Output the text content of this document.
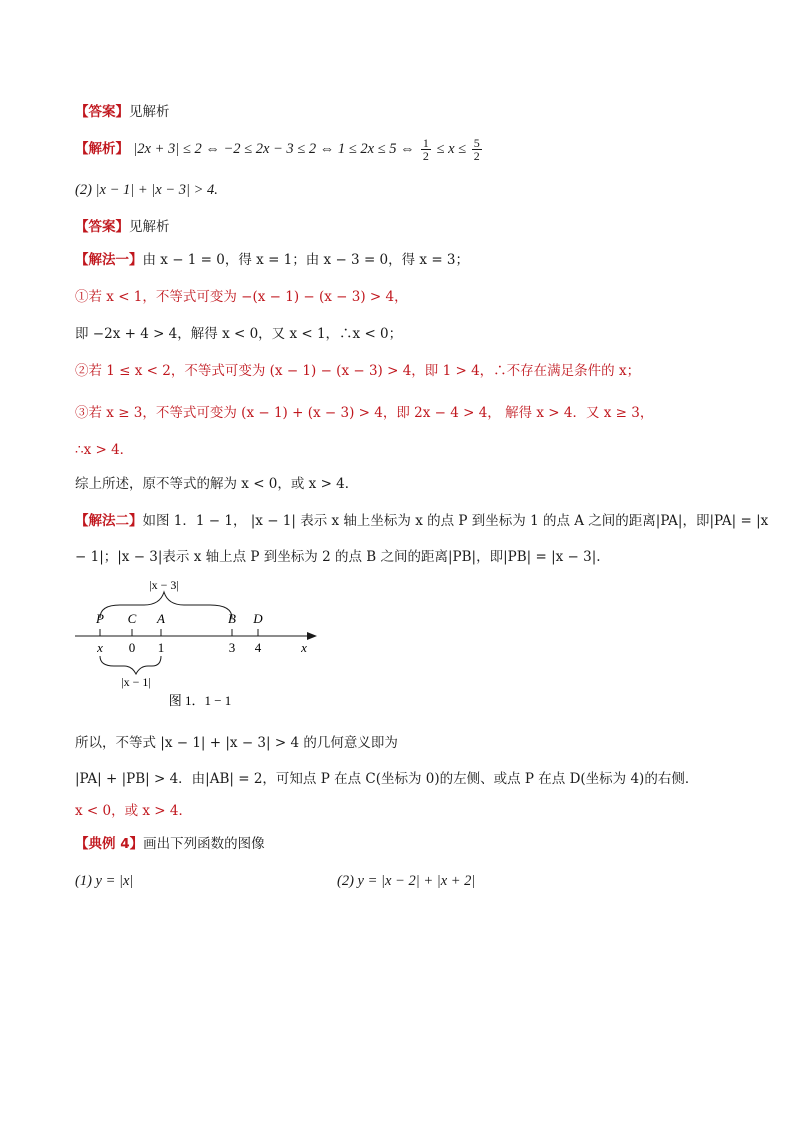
【答案】见解析
【解析】 |2x + 3| ≤ 2 ⇔ −2 ≤ 2x − 3 ≤ 2 ⇔ 1 ≤ 2x ≤ 5 ⇔ $\frac{1}{2} \le x \le \frac{5}{2}$
(2) |x − 1| + |x − 3| > 4.
【答案】见解析
【解法一】由 x − 1 = 0，得 x = 1；由 x − 3 = 0，得 x = 3；
①若 x < 1，不等式可变为 −(x − 1) − (x − 3) > 4，
即 −2x + 4 > 4，解得 x < 0，又 x < 1，∴x < 0；
②若 1 ≤ x < 2，不等式可变为 (x − 1) − (x − 3) > 4，即 1 > 4，∴不存在满足条件的 x；
③若 x ≥ 3，不等式可变为 (x − 1) + (x − 3) > 4，即 2x − 4 > 4， 解得 x > 4．又 x ≥ 3，
∴x > 4．
综上所述，原不等式的解为 x < 0，或 x > 4．
【解法二】如图 1．1 − 1， |x − 1| 表示 x 轴上坐标为 x 的点 P 到坐标为 1 的点 A 之间的距离|PA|，即|PA| = |x
− 1|；|x − 3|表示 x 轴上点 P 到坐标为 2 的点 B 之间的距离|PB|，即|PB| = |x − 3|.
|x − 3|
P C A	B D
x 0 1	3 4	x
|x − 1|
图 1．1 − 1
所以，不等式 |x − 1| + |x − 3| > 4 的几何意义即为
|PA| + |PB| > 4．由|AB| = 2，可知点 P 在点 C(坐标为 0)的左侧、或点 P 在点 D(坐标为 4)的右侧．
x < 0，或 x > 4．
【典例 4】画出下列函数的图像
(1) y = |x|	(2) y = |x − 2| + |x + 2|
